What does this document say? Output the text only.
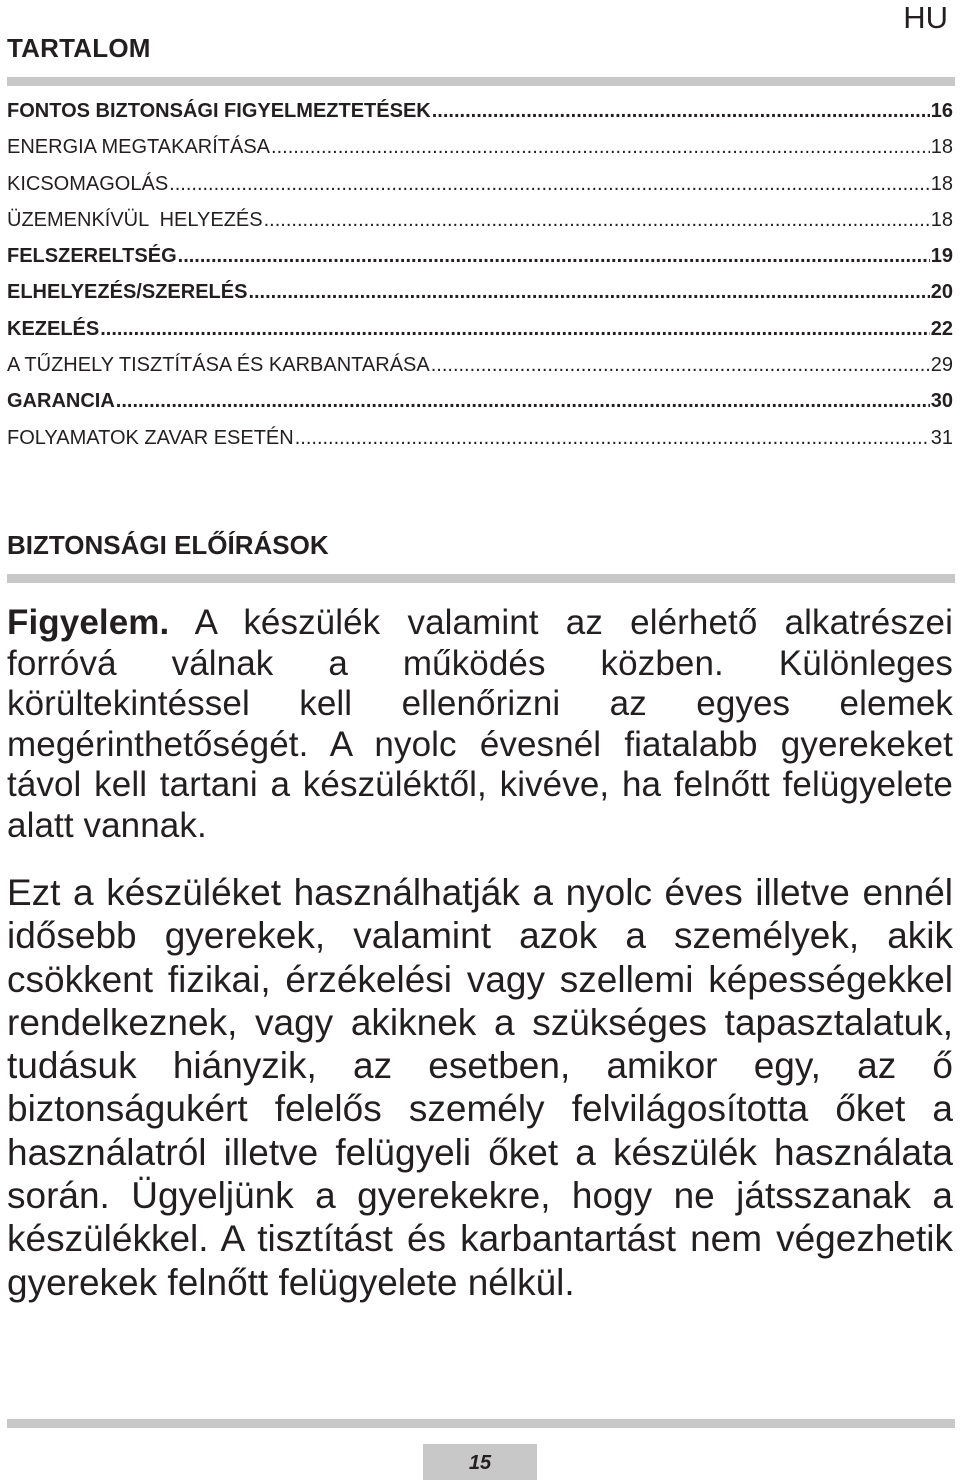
HU
TARTALOM
FONTOS BIZTONSÁGI FIGYELMEZTETÉSEK .....	16
ENERGIA MEGTAKARÍTÁSA .....	18
KICSOMAGOLÁS .....	18
ÜZEMENKÍVÜL  HELYEZÉS .....	18
FELSZERELTSÉG .....	19
ELHELYEZÉS/SZERELÉS .....	20
KEZELÉS .....	22
A TŰZHELY TISZTÍTÁSA ÉS KARBANTARÁSA .....	29
GARANCIA .....	30
FOLYAMATOK ZAVAR ESETÉN .....	31
BIZTONSÁGI ELŐÍRÁSOK

Figyelem. A készülék valamint az elérhető alkatrészei forróvá válnak a működés közben. Különleges körültekintéssel kell ellenőrizni az egyes elemek megérinthetőségét. A nyolc évesnél fiatalabb gyerekeket távol kell tartani a készüléktől, kivéve, ha felnőtt felügyelete alatt vannak.

Ezt a készüléket használhatják a nyolc éves illetve ennél idősebb gyerekek, valamint azok a személyek, akik csökkent fizikai, érzékelési vagy szellemi képességekkel rendelkeznek, vagy akiknek a szükséges tapasztalatuk, tudásuk hiányzik, az esetben, amikor egy, az ő biztonságukért felelős személy felvilágosította őket a használatról illetve felügyeli őket a készülék használata során. Ügyeljünk a gyerekekre, hogy ne játsszanak a készülékkel. A tisztítást és karbantartást nem végezhetik gyerekek felnőtt felügyelete nélkül.

15
